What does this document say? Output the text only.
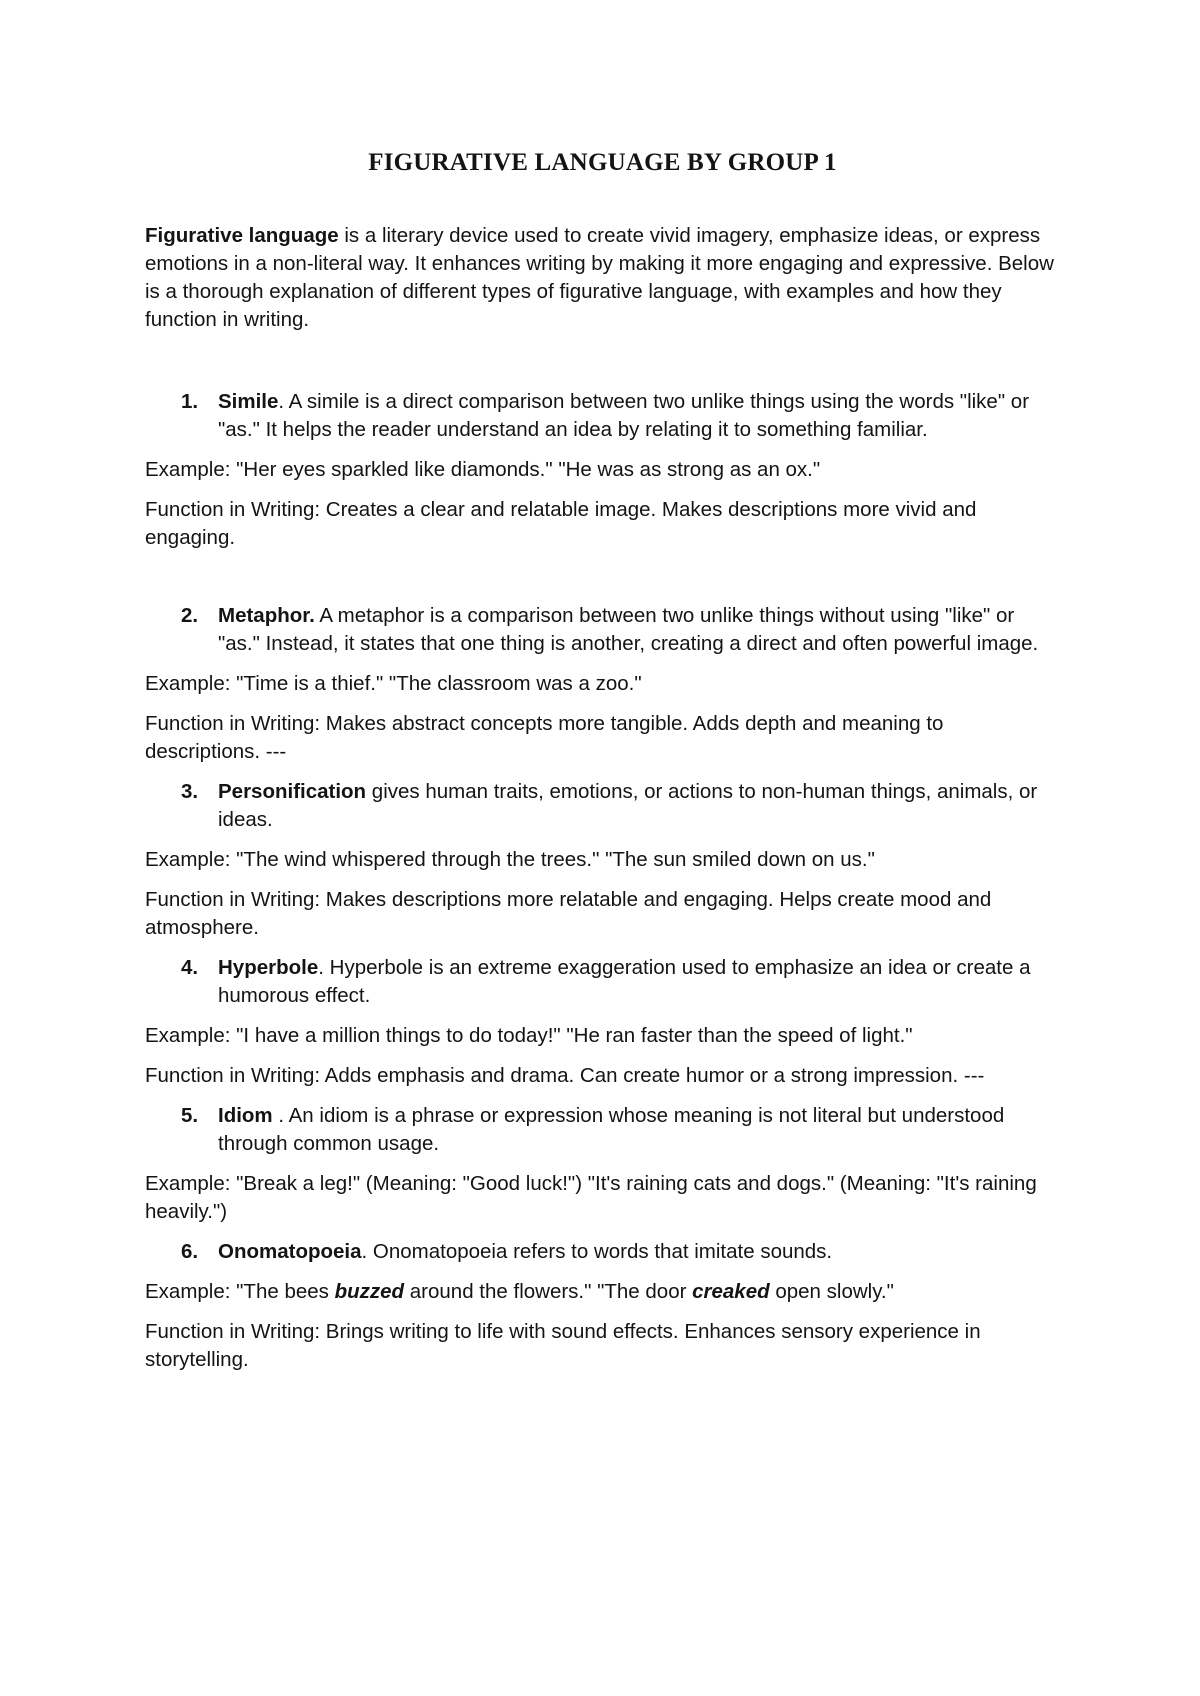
FIGURATIVE LANGUAGE BY GROUP 1

Figurative language is a literary device used to create vivid imagery, emphasize ideas, or express emotions in a non-literal way. It enhances writing by making it more engaging and expressive. Below is a thorough explanation of different types of figurative language, with examples and how they function in writing.

1. Simile. A simile is a direct comparison between two unlike things using the words "like" or "as." It helps the reader understand an idea by relating it to something familiar.

Example: "Her eyes sparkled like diamonds." "He was as strong as an ox."

Function in Writing: Creates a clear and relatable image. Makes descriptions more vivid and engaging.

2. Metaphor. A metaphor is a comparison between two unlike things without using "like" or "as." Instead, it states that one thing is another, creating a direct and often powerful image.

Example: "Time is a thief." "The classroom was a zoo."

Function in Writing: Makes abstract concepts more tangible. Adds depth and meaning to descriptions. ---

3. Personification gives human traits, emotions, or actions to non-human things, animals, or ideas.

Example: "The wind whispered through the trees." "The sun smiled down on us."

Function in Writing: Makes descriptions more relatable and engaging. Helps create mood and atmosphere.

4. Hyperbole. Hyperbole is an extreme exaggeration used to emphasize an idea or create a humorous effect.

Example: "I have a million things to do today!" "He ran faster than the speed of light."

Function in Writing: Adds emphasis and drama. Can create humor or a strong impression. ---

5. Idiom . An idiom is a phrase or expression whose meaning is not literal but understood through common usage.

Example: "Break a leg!" (Meaning: "Good luck!") "It's raining cats and dogs." (Meaning: "It's raining heavily.")

6. Onomatopoeia. Onomatopoeia refers to words that imitate sounds.

Example: "The bees buzzed around the flowers." "The door creaked open slowly."

Function in Writing: Brings writing to life with sound effects. Enhances sensory experience in storytelling.
